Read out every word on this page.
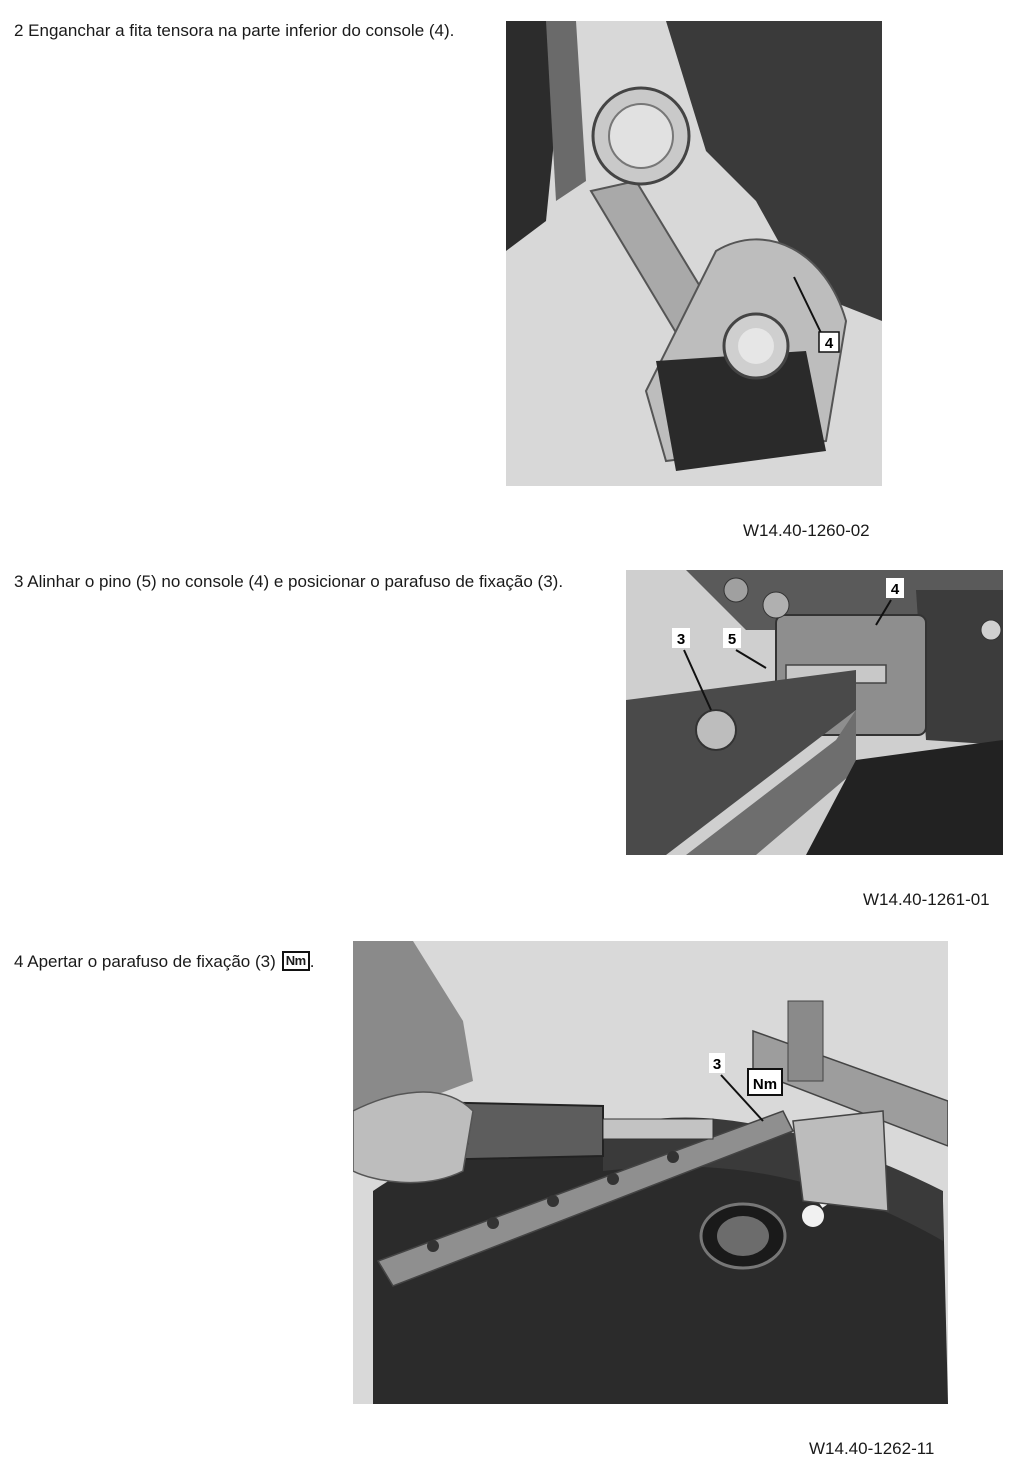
2 Enganchar a fita tensora na parte inferior do console (4).
4
W14.40-1260-02
3 Alinhar o pino (5) no console (4) e posicionar o parafuso de fixação (3).	4
3	5
W14.40-1261-01
4 Apertar o parafuso de fixação (3) Nm .
3
Nm
W14.40-1262-11
